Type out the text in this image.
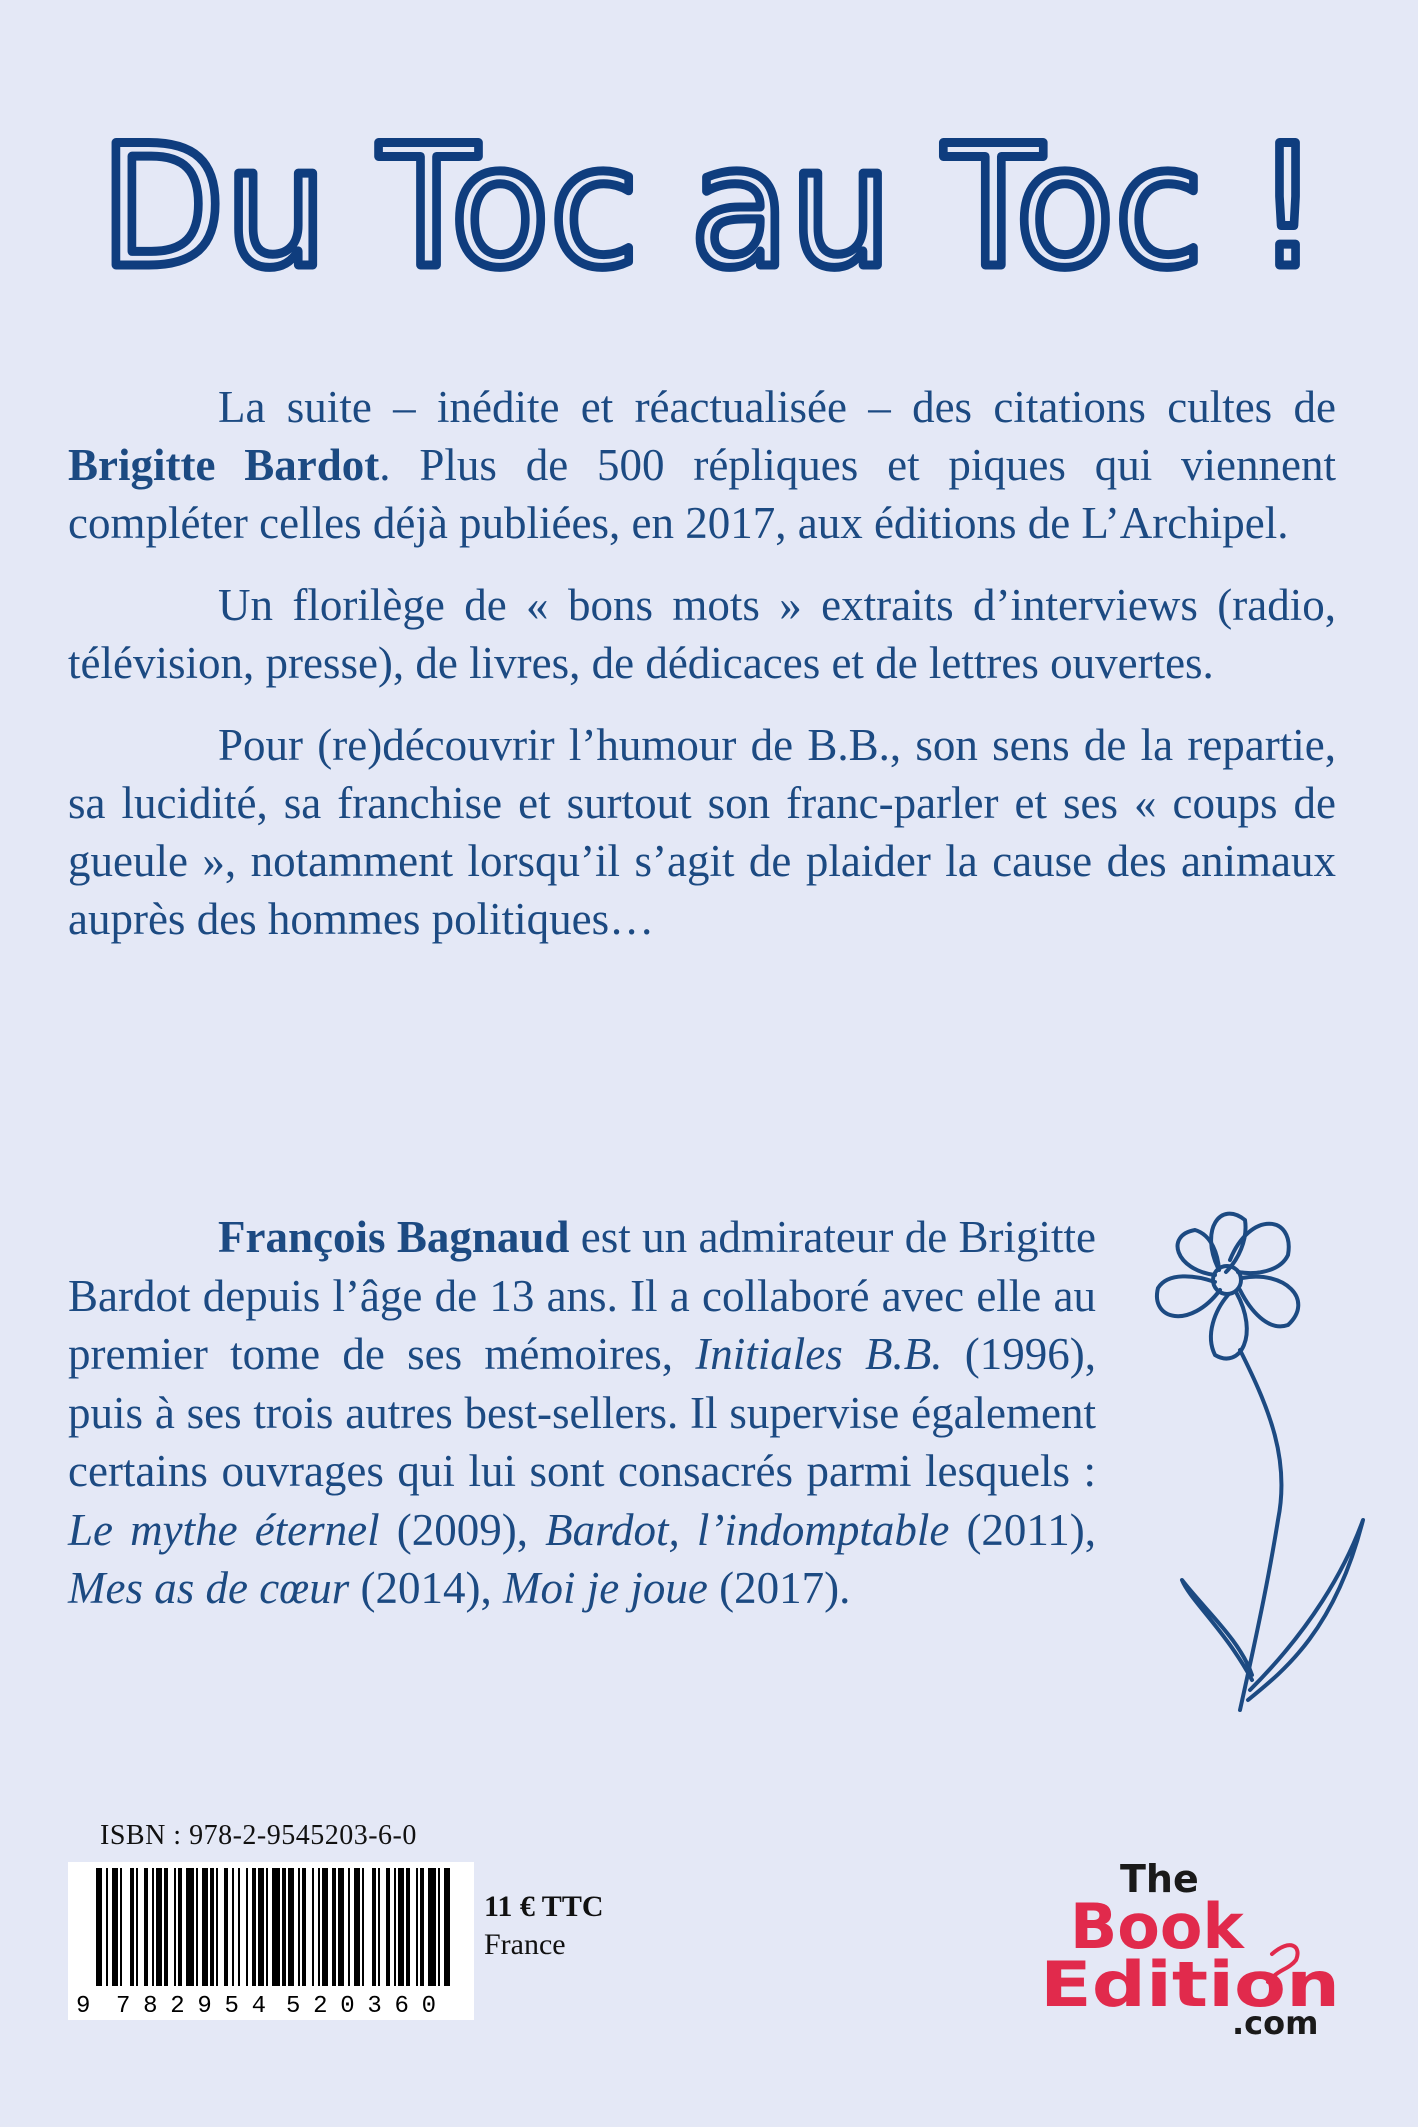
Du Toc au Toc !

La suite – inédite et réactualisée – des citations cultes de Brigitte Bardot. Plus de 500 répliques et piques qui viennent compléter celles déjà publiées, en 2017, aux éditions de L’Archipel.

Un florilège de « bons mots » extraits d’interviews (radio, télévision, presse), de livres, de dédicaces et de lettres ouvertes.

Pour (re)découvrir l’humour de B.B., son sens de la repartie, sa lucidité, sa franchise et surtout son franc-parler et ses « coups de gueule », notamment lorsqu’il s’agit de plaider la cause des animaux auprès des hommes politiques…

François Bagnaud est un admirateur de Brigitte Bardot depuis l’âge de 13 ans. Il a collaboré avec elle au premier tome de ses mémoires, Initiales B.B. (1996), puis à ses trois autres best-sellers. Il supervise également certains ouvrages qui lui sont consacrés parmi lesquels : Le mythe éternel (2009), Bardot, l’indomptable (2011), Mes as de cœur (2014), Moi je joue (2017).

ISBN : 978-2-9545203-6-0
9 782954 520360
11 € TTC
France
The
Book
Edition
.com
